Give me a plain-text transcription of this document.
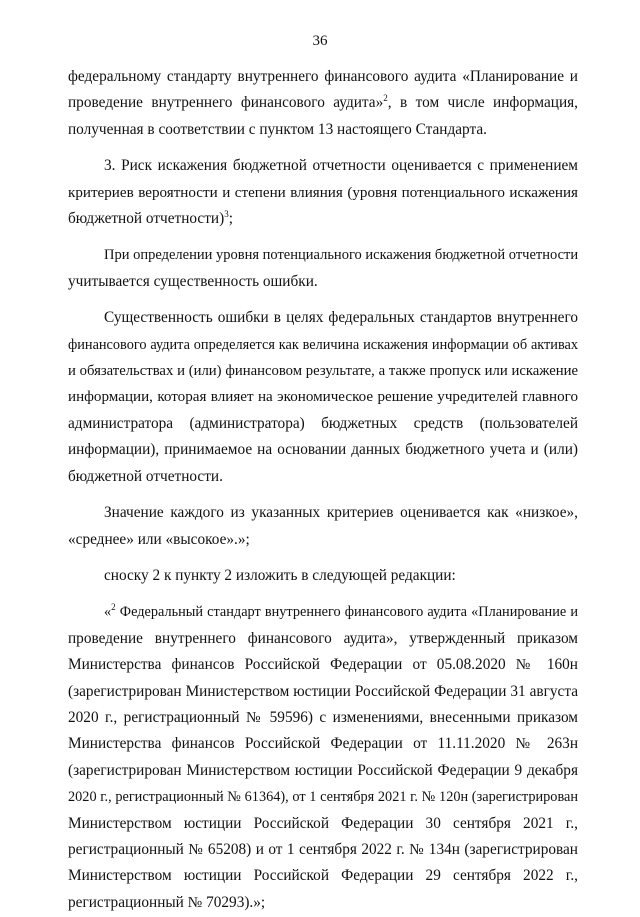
36

федеральному стандарту внутреннего финансового аудита «Планирование и
проведение внутреннего финансового аудита»$^2$, в том числе информация,
полученная в соответствии с пунктом 13 настоящего Стандарта.

3. Риск искажения бюджетной отчетности оценивается с применением
критериев вероятности и степени влияния (уровня потенциального искажения
бюджетной отчетности)$^3$;

При определении уровня потенциального искажения бюджетной отчетности
учитывается существенность ошибки.

Существенность ошибки в целях федеральных стандартов внутреннего
финансового аудита определяется как величина искажения информации об активах
и обязательствах и (или) финансовом результате, а также пропуск или искажение
информации, которая влияет на экономическое решение учредителей главного
администратора (администратора) бюджетных средств (пользователей
информации), принимаемое на основании данных бюджетного учета и (или)
бюджетной отчетности.

Значение каждого из указанных критериев оценивается как «низкое»,
«среднее» или «высокое».»;

сноску 2 к пункту 2 изложить в следующей редакции:

«$^2$ Федеральный стандарт внутреннего финансового аудита «Планирование и
проведение внутреннего финансового аудита», утвержденный приказом
Министерства финансов Российской Федерации от 05.08.2020 № 160н
(зарегистрирован Министерством юстиции Российской Федерации 31 августа
2020 г., регистрационный № 59596) с изменениями, внесенными приказом
Министерства финансов Российской Федерации от 11.11.2020 № 263н
(зарегистрирован Министерством юстиции Российской Федерации 9 декабря
2020 г., регистрационный № 61364), от 1 сентября 2021 г. № 120н (зарегистрирован
Министерством юстиции Российской Федерации 30 сентября 2021 г.,
регистрационный № 65208) и от 1 сентября 2022 г. № 134н (зарегистрирован
Министерством юстиции Российской Федерации 29 сентября 2022 г.,
регистрационный № 70293).»;
